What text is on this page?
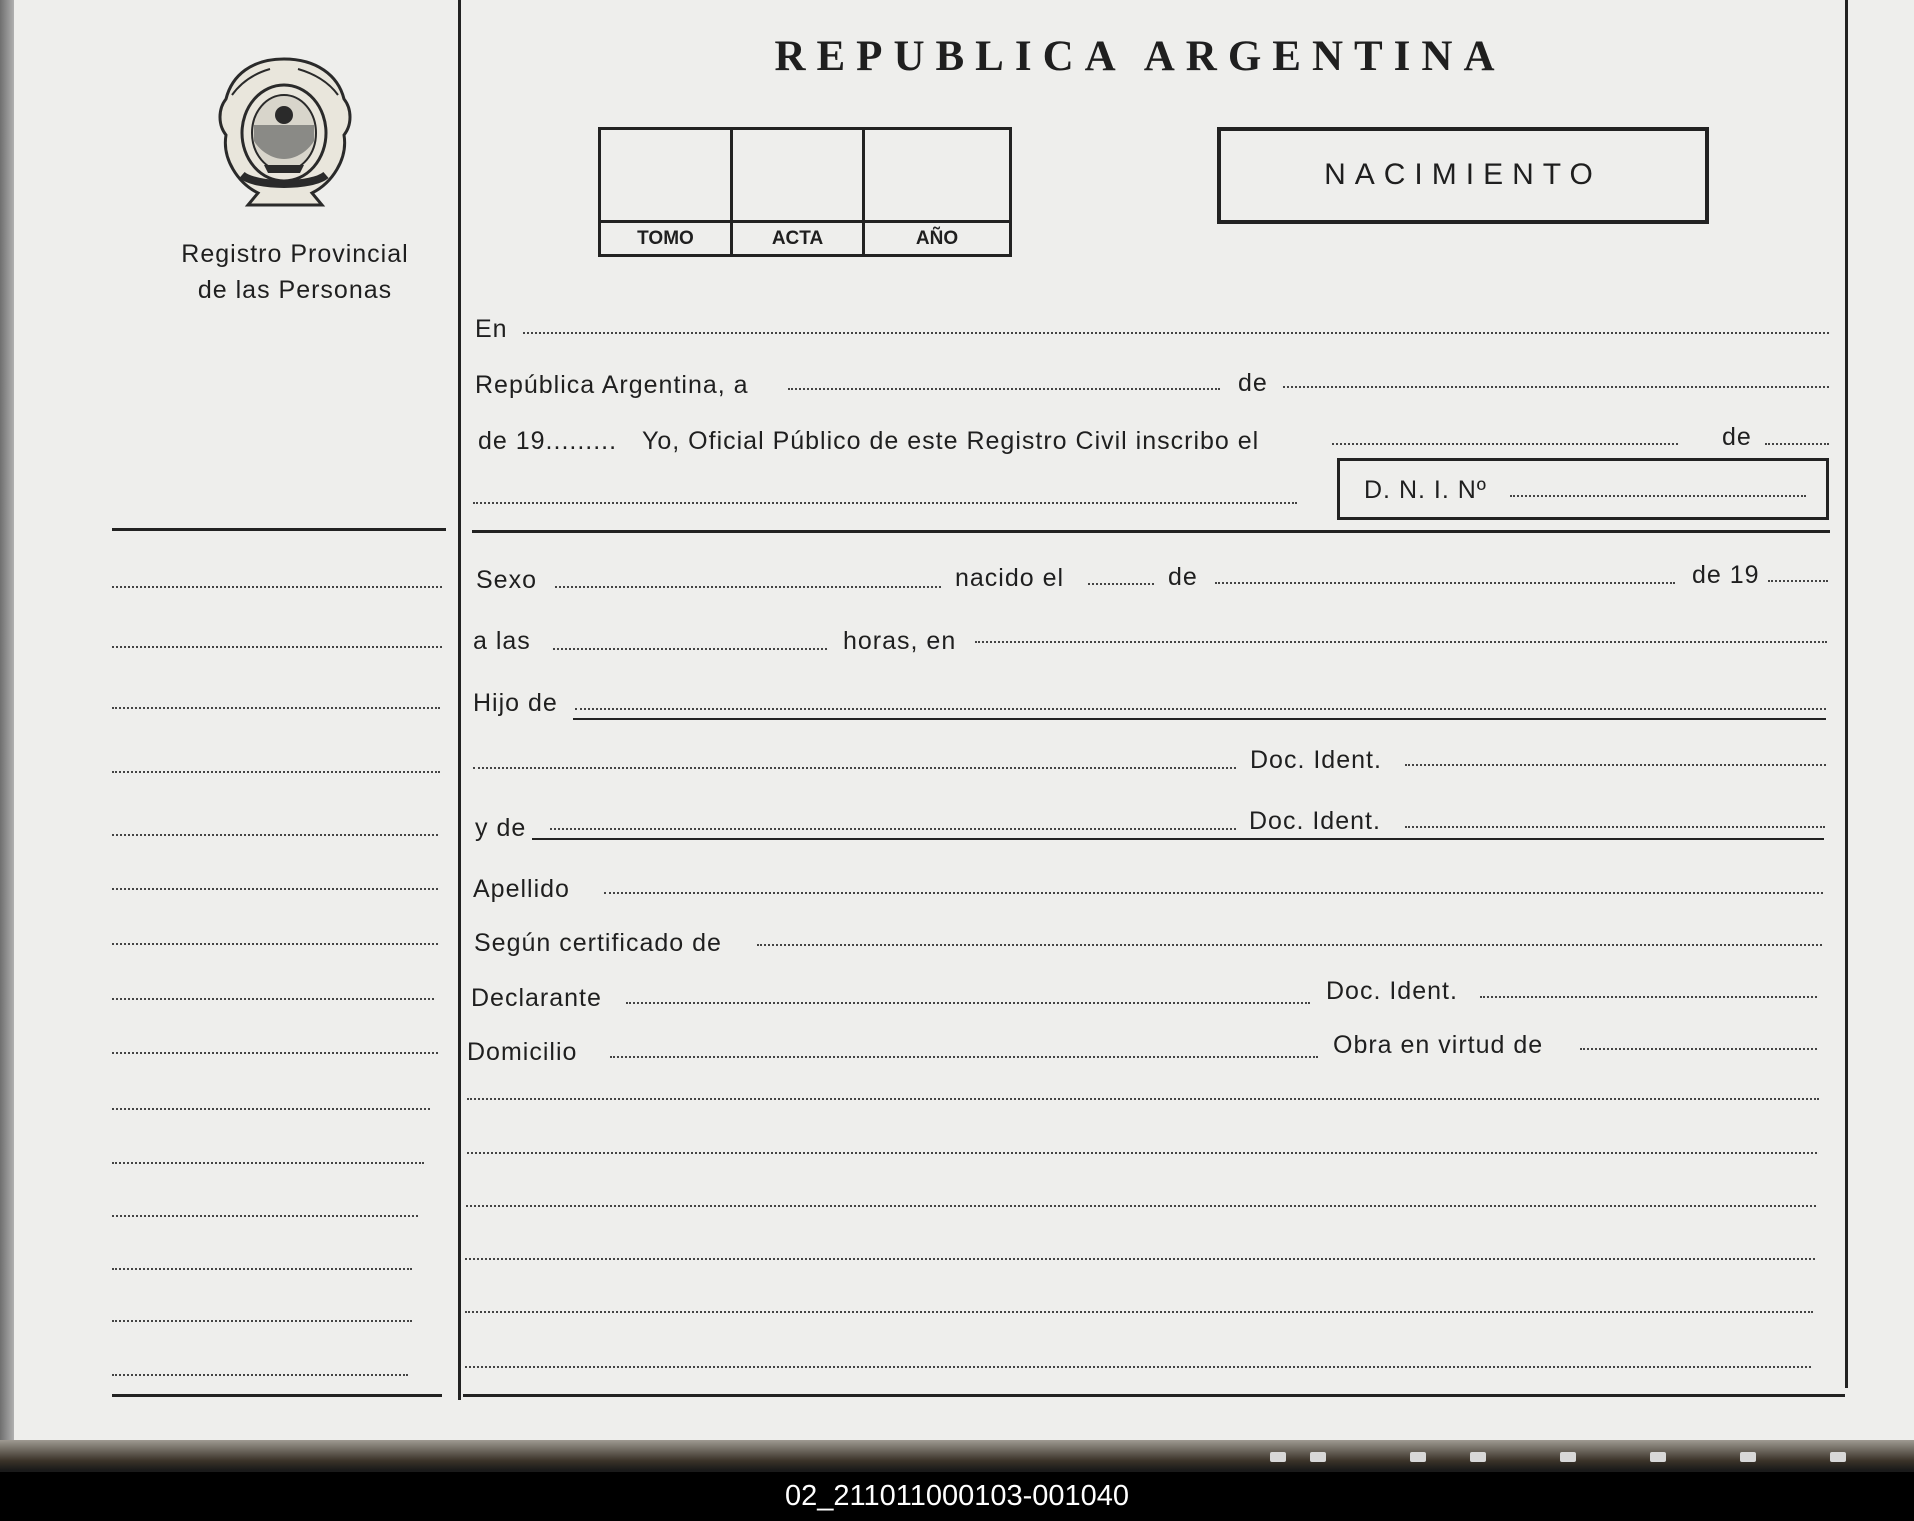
Registro Provincial
de las Personas
REPUBLICA ARGENTINA
TOMO	ACTA	AÑO
NACIMIENTO
En
República Argentina, a	de
de 19......... Yo, Oficial Público de este Registro Civil inscribo el	de
D. N. I. Nº
Sexo	nacido el	de	de 19
a las	horas, en
Hijo de
Doc. Ident.
y de	Doc. Ident.
Apellido
Según certificado de
Declarante	Doc. Ident.
Domicilio	Obra en virtud de
02_211011000103-001040
